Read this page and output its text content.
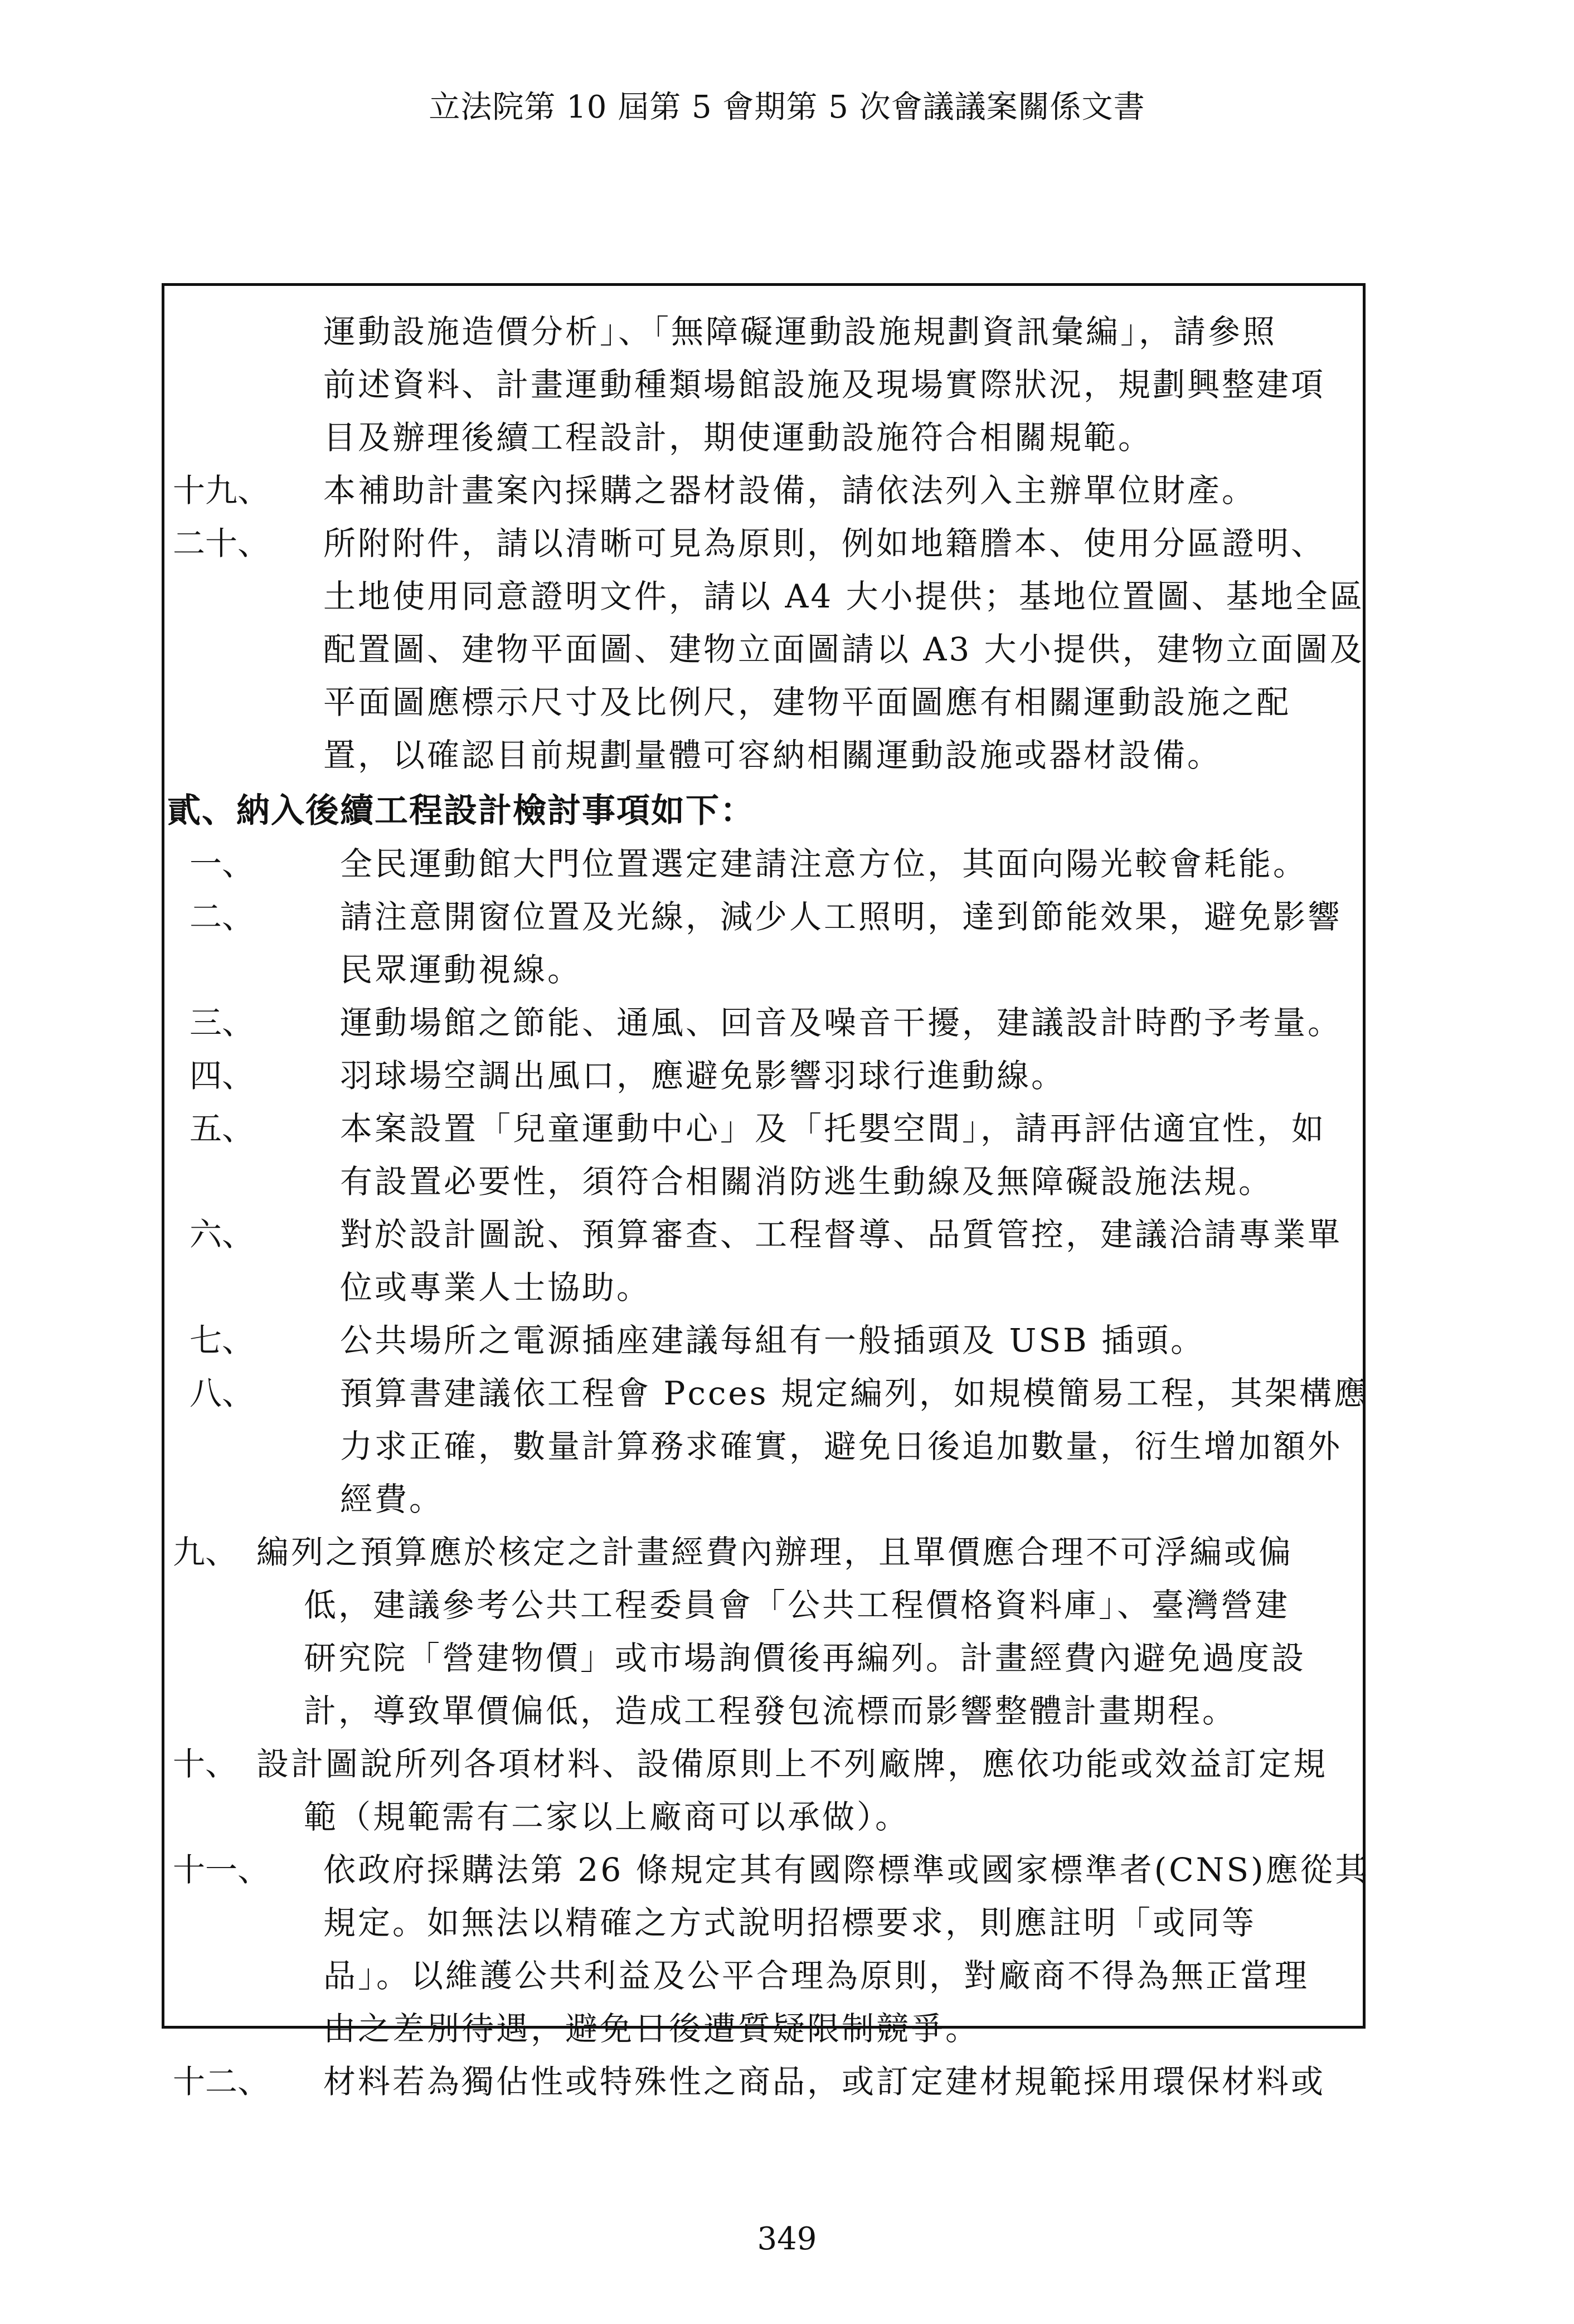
立法院第 10 屆第 5 會期第 5 次會議議案關係文書
運動設施造價分析」、「無障礙運動設施規劃資訊彙編」，請參照
前述資料、計畫運動種類場館設施及現場實際狀況，規劃興整建項
目及辦理後續工程設計，期使運動設施符合相關規範。
十九、 本補助計畫案內採購之器材設備，請依法列入主辦單位財產。
二十、 所附附件，請以清晰可見為原則，例如地籍謄本、使用分區證明、
土地使用同意證明文件，請以 A4 大小提供；基地位置圖、基地全區
配置圖、建物平面圖、建物立面圖請以 A3 大小提供，建物立面圖及
平面圖應標示尺寸及比例尺，建物平面圖應有相關運動設施之配
置，以確認目前規劃量體可容納相關運動設施或器材設備。
貳、納入後續工程設計檢討事項如下：
一、	全民運動館大門位置選定建請注意方位，其面向陽光較會耗能。
二、	請注意開窗位置及光線，減少人工照明，達到節能效果，避免影響
民眾運動視線。
三、	運動場館之節能、通風、回音及噪音干擾，建議設計時酌予考量。
四、	羽球場空調出風口，應避免影響羽球行進動線。
五、	本案設置「兒童運動中心」及「托嬰空間」，請再評估適宜性，如
有設置必要性，須符合相關消防逃生動線及無障礙設施法規。
六、	對於設計圖說、預算審查、工程督導、品質管控，建議洽請專業單
位或專業人士協助。
七、	公共場所之電源插座建議每組有一般插頭及 USB 插頭。
八、	預算書建議依工程會 Pcces 規定編列，如規模簡易工程，其架構應
力求正確，數量計算務求確實，避免日後追加數量，衍生增加額外
經費。
九、 編列之預算應於核定之計畫經費內辦理，且單價應合理不可浮編或偏
低，建議參考公共工程委員會「公共工程價格資料庫」、臺灣營建
研究院「營建物價」或市場詢價後再編列。計畫經費內避免過度設
計，導致單價偏低，造成工程發包流標而影響整體計畫期程。
十、 設計圖說所列各項材料、設備原則上不列廠牌，應依功能或效益訂定規
範（規範需有二家以上廠商可以承做）。
十一、 依政府採購法第 26 條規定其有國際標準或國家標準者(CNS)應從其
規定。如無法以精確之方式說明招標要求，則應註明「或同等
品」。以維護公共利益及公平合理為原則，對廠商不得為無正當理
由之差別待遇，避免日後遭質疑限制競爭。
十二、 材料若為獨佔性或特殊性之商品，或訂定建材規範採用環保材料或
349
